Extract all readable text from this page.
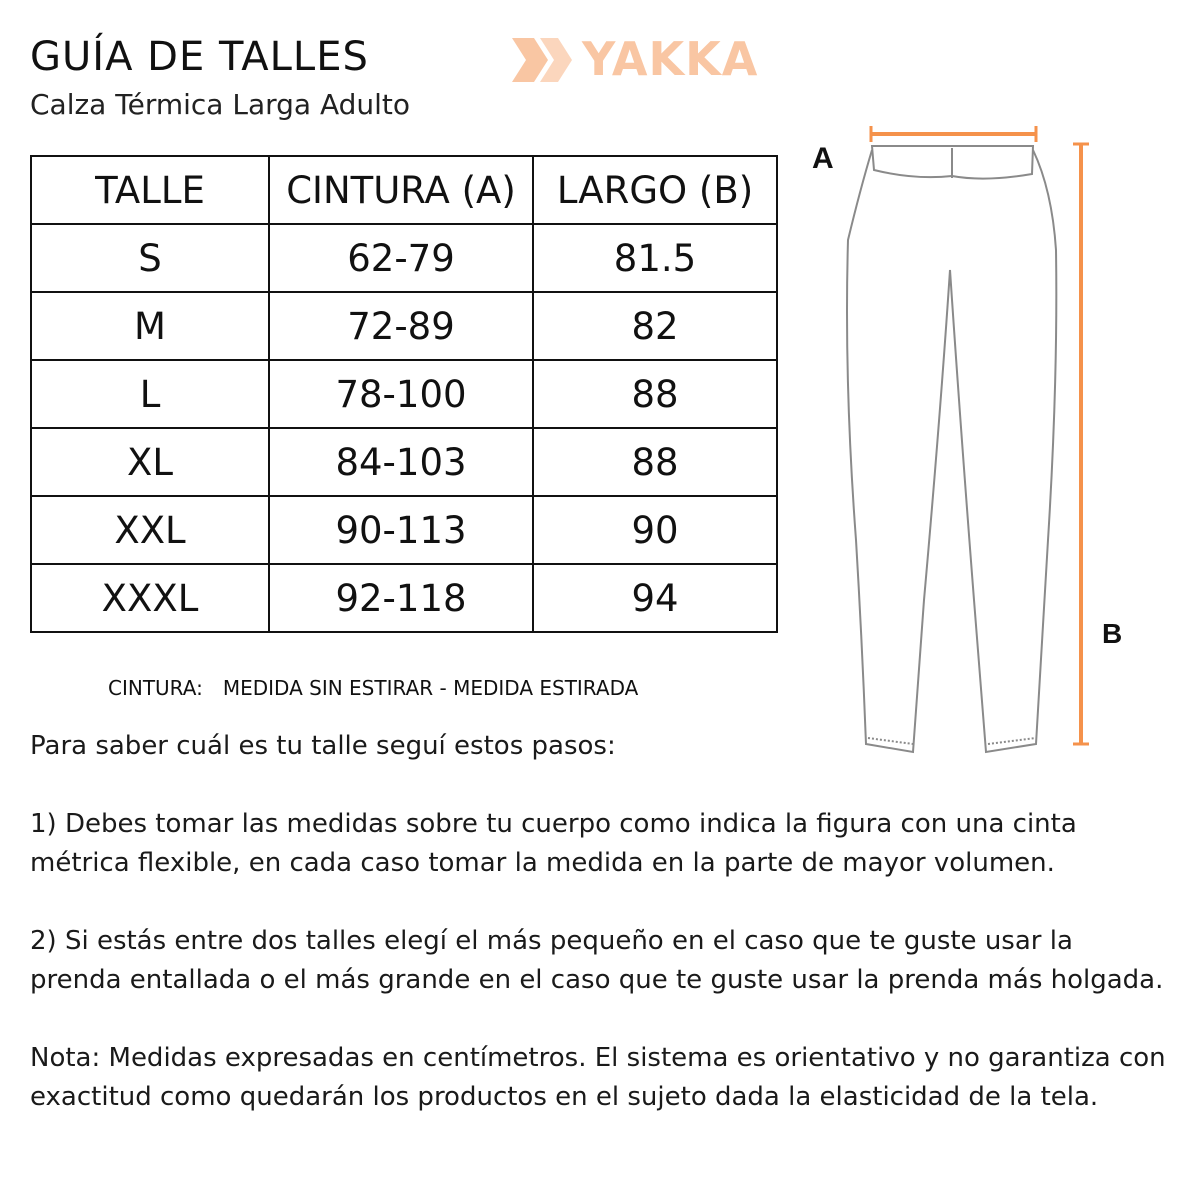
GUÍA DE TALLES
Calza Térmica Larga Adulto
YAKKA
TALLE	CINTURA (A)	LARGO (B)
S	62-79	81.5
M	72-89	82
L	78-100	88
XL	84-103	88
XXL	90-113	90
XXXL	92-118	94
CINTURA: MEDIDA SIN ESTIRAR - MEDIDA ESTIRADA
A
B

Para saber cuál es tu talle seguí estos pasos:

1) Debes tomar las medidas sobre tu cuerpo como indica la figura con una cinta métrica flexible, en cada caso tomar la medida en la parte de mayor volumen.

2) Si estás entre dos talles elegí el más pequeño en el caso que te guste usar la prenda entallada o el más grande en el caso que te guste usar la prenda más holgada.

Nota: Medidas expresadas en centímetros. El sistema es orientativo y no garantiza con exactitud como quedarán los productos en el sujeto dada la elasticidad de la tela.
